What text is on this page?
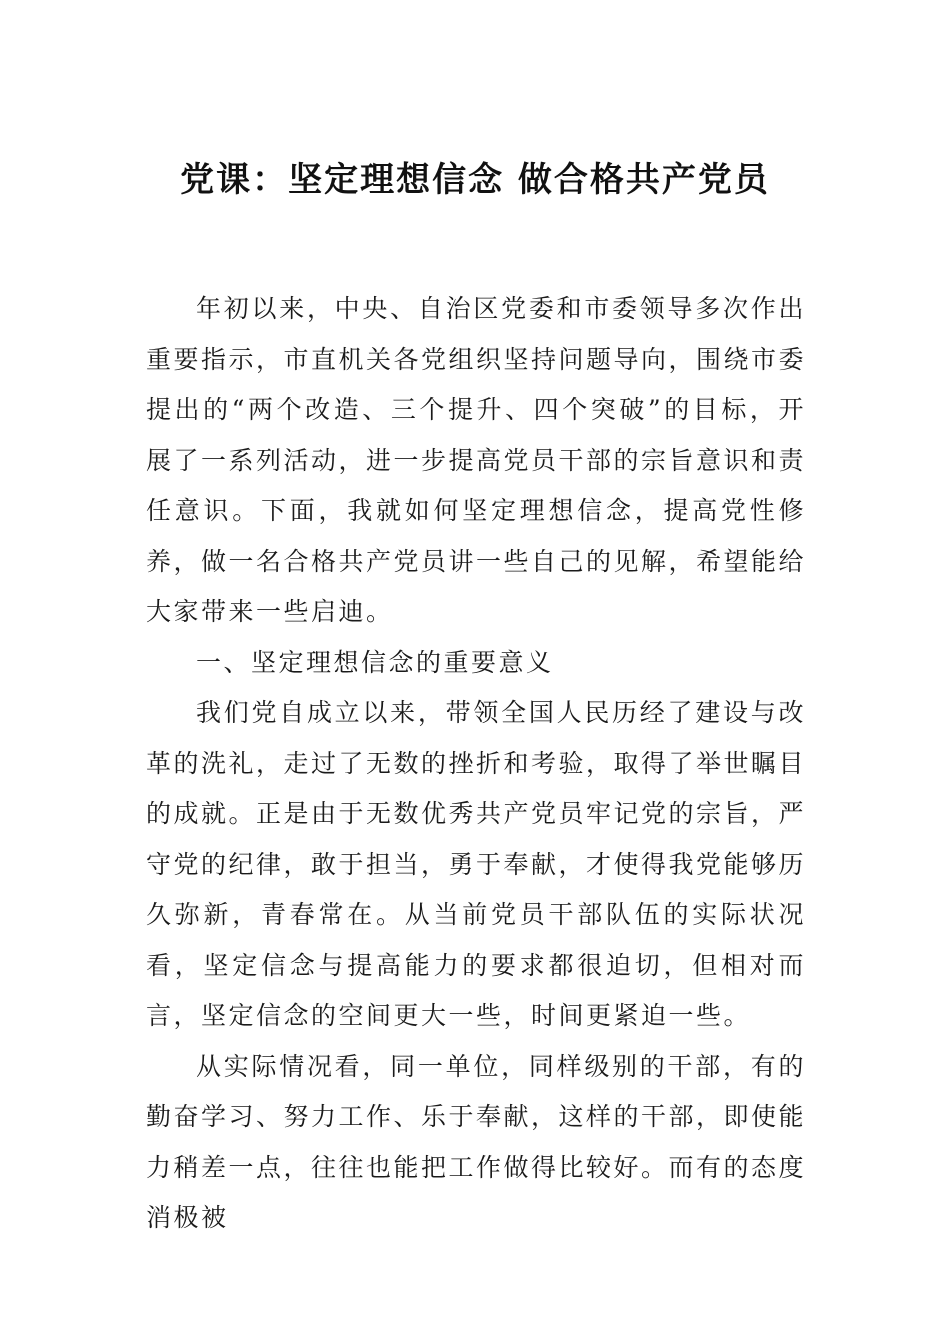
党课：坚定理想信念 做合格共产党员

年初以来，中央、自治区党委和市委领导多次作出重要指示，市直机关各党组织坚持问题导向，围绕市委提出的“两个改造、三个提升、四个突破”的目标，开展了一系列活动，进一步提高党员干部的宗旨意识和责任意识。下面，我就如何坚定理想信念，提高党性修养，做一名合格共产党员讲一些自己的见解，希望能给大家带来一些启迪。

一、坚定理想信念的重要意义

我们党自成立以来，带领全国人民历经了建设与改革的洗礼，走过了无数的挫折和考验，取得了举世瞩目的成就。正是由于无数优秀共产党员牢记党的宗旨，严守党的纪律，敢于担当，勇于奉献，才使得我党能够历久弥新，青春常在。从当前党员干部队伍的实际状况看，坚定信念与提高能力的要求都很迫切，但相对而言，坚定信念的空间更大一些，时间更紧迫一些。

从实际情况看，同一单位，同样级别的干部，有的勤奋学习、努力工作、乐于奉献，这样的干部，即使能力稍差一点，往往也能把工作做得比较好。而有的态度消极被
